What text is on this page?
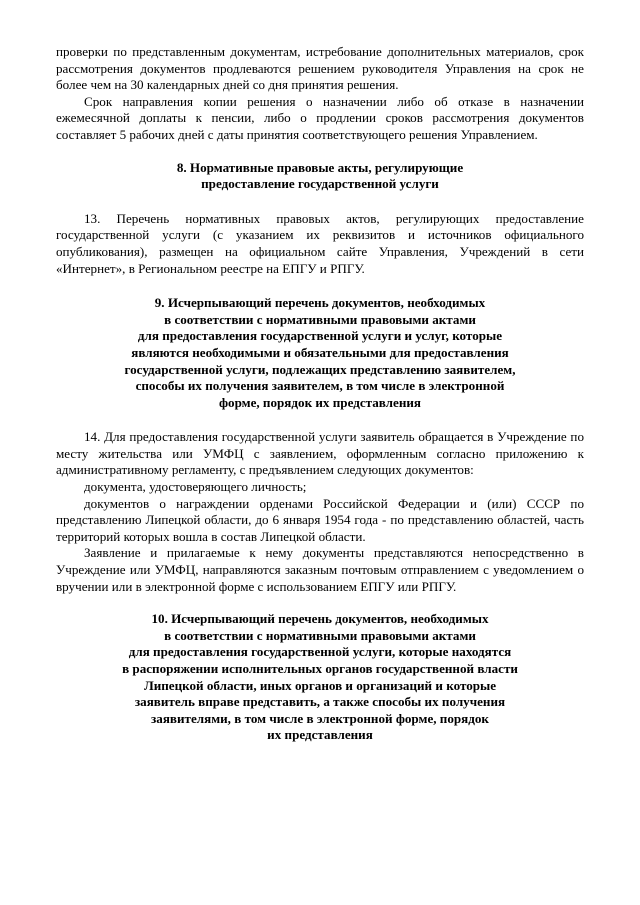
проверки по представленным документам, истребование дополнительных материалов, срок рассмотрения документов продлеваются решением руководителя Управления на срок не более чем на 30 календарных дней со дня принятия решения.

Срок направления копии решения о назначении либо об отказе в назначении ежемесячной доплаты к пенсии, либо о продлении сроков рассмотрения документов составляет 5 рабочих дней с даты принятия соответствующего решения Управлением.

8. Нормативные правовые акты, регулирующие
предоставление государственной услуги

13. Перечень нормативных правовых актов, регулирующих предоставление государственной услуги (с указанием их реквизитов и источников официального опубликования), размещен на официальном сайте Управления, Учреждений в сети «Интернет», в Региональном реестре на ЕПГУ и РПГУ.

9. Исчерпывающий перечень документов, необходимых
в соответствии с нормативными правовыми актами
для предоставления государственной услуги и услуг, которые
являются необходимыми и обязательными для предоставления
государственной услуги, подлежащих представлению заявителем,
способы их получения заявителем, в том числе в электронной
форме, порядок их представления

14. Для предоставления государственной услуги заявитель обращается в Учреждение по месту жительства или УМФЦ с заявлением, оформленным согласно приложению к административному регламенту, с предъявлением следующих документов:

документа, удостоверяющего личность;

документов о награждении орденами Российской Федерации и (или) СССР по представлению Липецкой области, до 6 января 1954 года - по представлению областей, часть территорий которых вошла в состав Липецкой области.

Заявление и прилагаемые к нему документы представляются непосредственно в Учреждение или УМФЦ, направляются заказным почтовым отправлением с уведомлением о вручении или в электронной форме с использованием ЕПГУ или РПГУ.

10. Исчерпывающий перечень документов, необходимых
в соответствии с нормативными правовыми актами
для предоставления государственной услуги, которые находятся
в распоряжении исполнительных органов государственной власти
Липецкой области, иных органов и организаций и которые
заявитель вправе представить, а также способы их получения
заявителями, в том числе в электронной форме, порядок
их представления
